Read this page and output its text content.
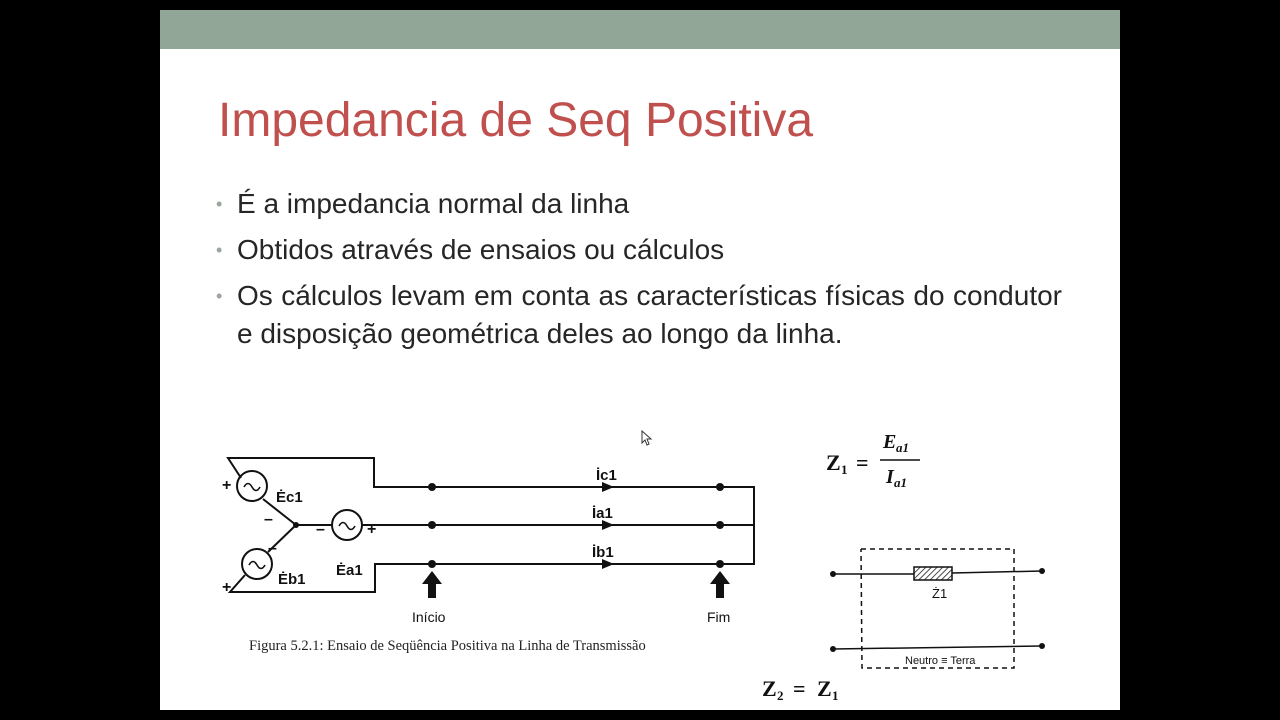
Impedancia de Seq Positiva
• É a impedancia normal da linha
• Obtidos através de ensaios ou cálculos
• Os cálculos levam em conta as características físicas do condutor e disposição geométrica deles ao longo da linha.
+
–
–
+
–	+
Ėc1
Ėa1
Ėb1
İc1
İa1
İb1
Início	Fim
Figura 5.2.1: Ensaio de Seqüência Positiva na Linha de Transmissão
Z 1 =
E a1
I a1
Ż1
Neutro ≡ Terra
Z 2 = Z 1
